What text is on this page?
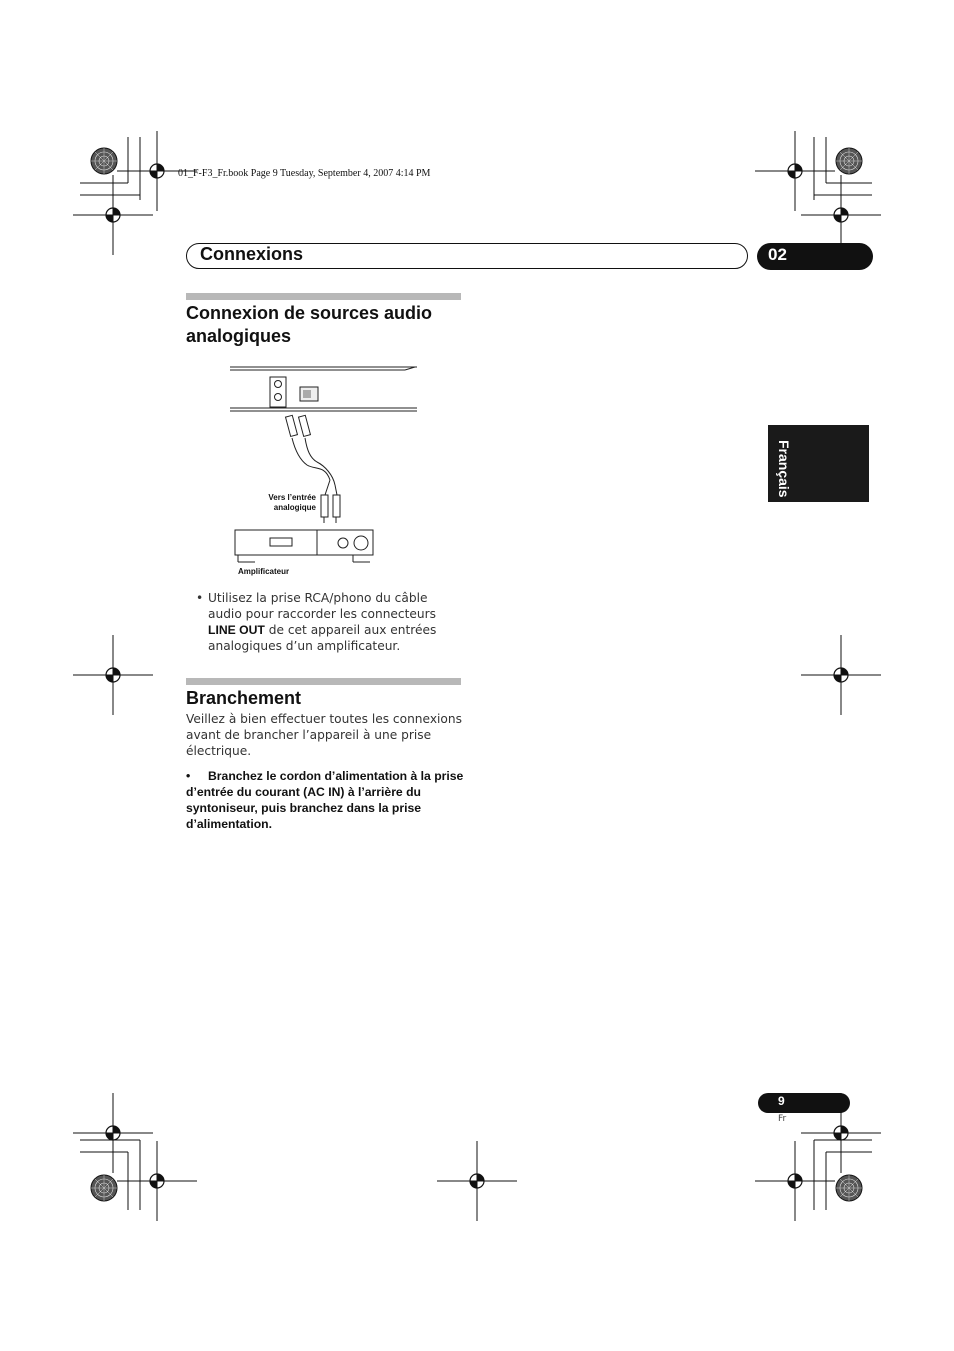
01_F-F3_Fr.book Page 9 Tuesday, September 4, 2007 4:14 PM
Connexions	02
Français
Connexion de sources audio
analogiques
Vers l’entrée
analogique
Amplificateur
• Utilisez la prise RCA/phono du câble audio pour raccorder les connecteurs LINE OUT de cet appareil aux entrées analogiques d’un amplificateur.
Branchement
Veillez à bien effectuer toutes les connexions avant de brancher l’appareil à une prise électrique.
•	Branchez le cordon d’alimentation à la prise d’entrée du courant (AC IN) à l’arrière du syntoniseur, puis branchez dans la prise d’alimentation.
9
Fr
